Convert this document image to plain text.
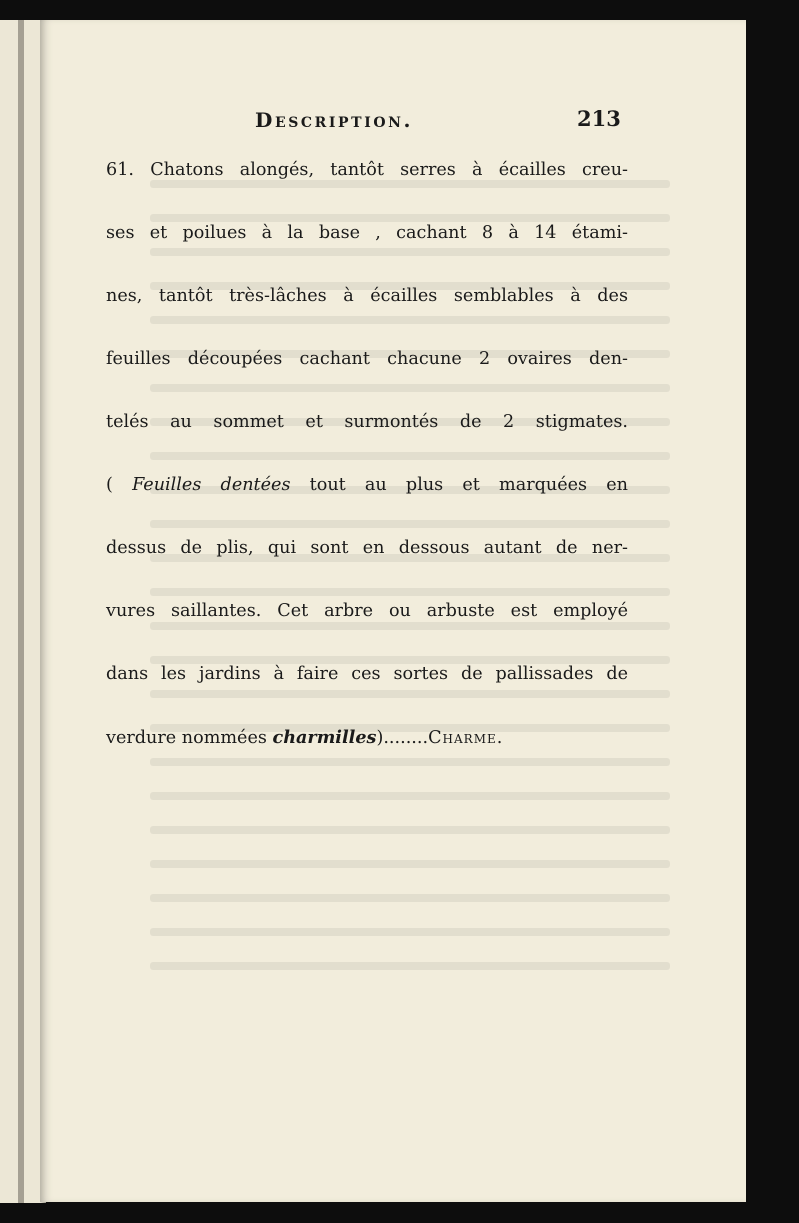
Description.	213
61. Chatons alongés, tantôt serres à écailles creu-
ses et poilues à la base , cachant 8 à 14 étami-
nes, tantôt très-lâches à écailles semblables à des
feuilles découpées cachant chacune 2 ovaires den-
telés au sommet et surmontés de 2 stigmates.
( Feuilles dentées tout au plus et marquées en
dessus de plis, qui sont en dessous autant de ner-
vures saillantes. Cet arbre ou arbuste est employé
dans les jardins à faire ces sortes de pallissades de
verdure nommées charmilles)........Charme.
